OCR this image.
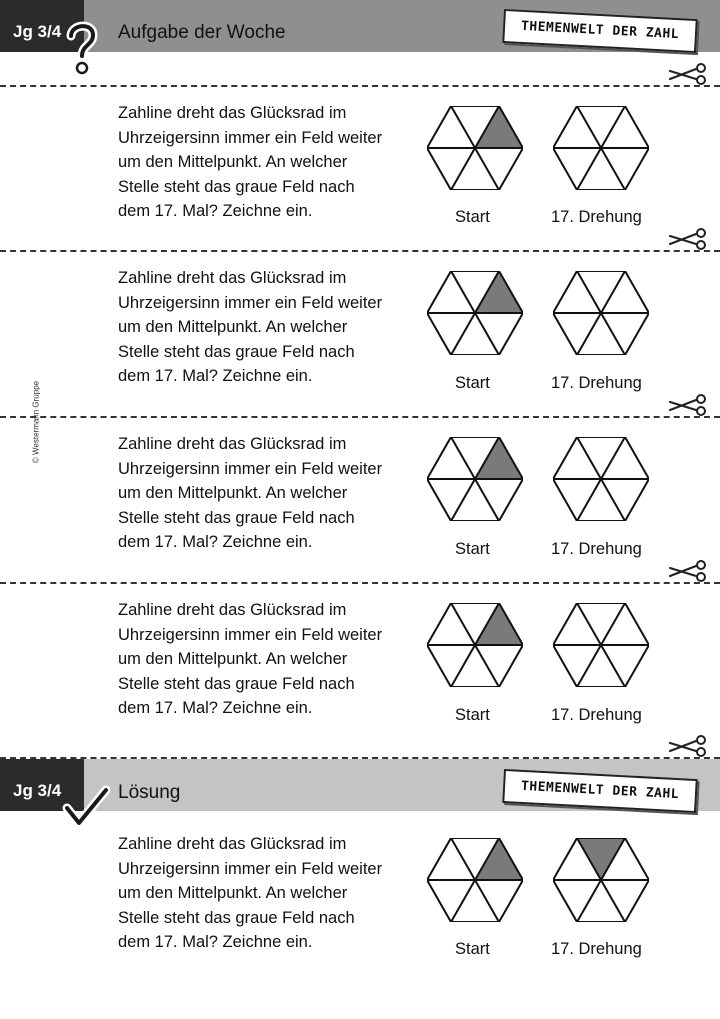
Jg 3/4	Aufgabe der Woche	THEMENWELT DER ZAHL
© Westermann Gruppe
Zahline dreht das Glücksrad im
Uhrzeigersinn immer ein Feld weiter
um den Mittelpunkt. An welcher
Stelle steht das graue Feld nach
dem 17. Mal? Zeichne ein.	Start	17. Drehung
Zahline dreht das Glücksrad im
Uhrzeigersinn immer ein Feld weiter
um den Mittelpunkt. An welcher
Stelle steht das graue Feld nach
dem 17. Mal? Zeichne ein.	Start	17. Drehung
Zahline dreht das Glücksrad im
Uhrzeigersinn immer ein Feld weiter
um den Mittelpunkt. An welcher
Stelle steht das graue Feld nach
dem 17. Mal? Zeichne ein.	Start	17. Drehung
Zahline dreht das Glücksrad im
Uhrzeigersinn immer ein Feld weiter
um den Mittelpunkt. An welcher
Stelle steht das graue Feld nach
dem 17. Mal? Zeichne ein.	Start	17. Drehung
Jg 3/4	Lösung	THEMENWELT DER ZAHL
Zahline dreht das Glücksrad im
Uhrzeigersinn immer ein Feld weiter
um den Mittelpunkt. An welcher
Stelle steht das graue Feld nach
dem 17. Mal? Zeichne ein.	Start	17. Drehung
